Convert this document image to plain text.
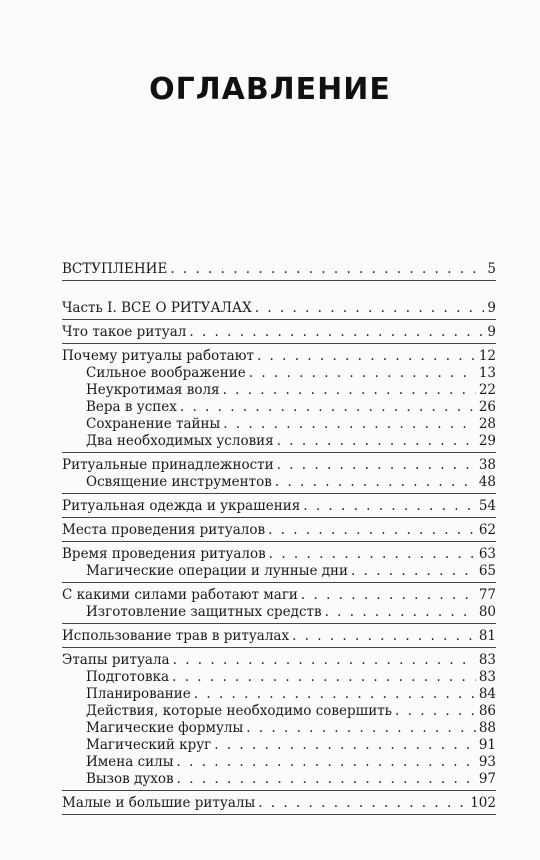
ОГЛАВЛЕНИЕ
ВСТУПЛЕНИЕ . . .	5
Часть I. ВСЕ О РИТУАЛАХ . . .	9
Что такое ритуал . . .	9
Почему ритуалы работают . . .	12
Сильное воображение . . .	13
Неукротимая воля . . .	22
Вера в успех . . .	26
Сохранение тайны . . .	28
Два необходимых условия . . .	29
Ритуальные принадлежности . . .	38
Освящение инструментов . . .	48
Ритуальная одежда и украшения . . .	54
Места проведения ритуалов . . .	62
Время проведения ритуалов . . .	63
Магические операции и лунные дни . . .	65
С какими силами работают маги . . .	77
Изготовление защитных средств . . .	80
Использование трав в ритуалах . . .	81
Этапы ритуала . . .	83
Подготовка . . .	83
Планирование . . .	84
Действия, которые необходимо совершить . . .	86
Магические формулы . . .	88
Магический круг . . .	91
Имена силы . . .	93
Вызов духов . . .	97
Малые и большие ритуалы . . .	102
